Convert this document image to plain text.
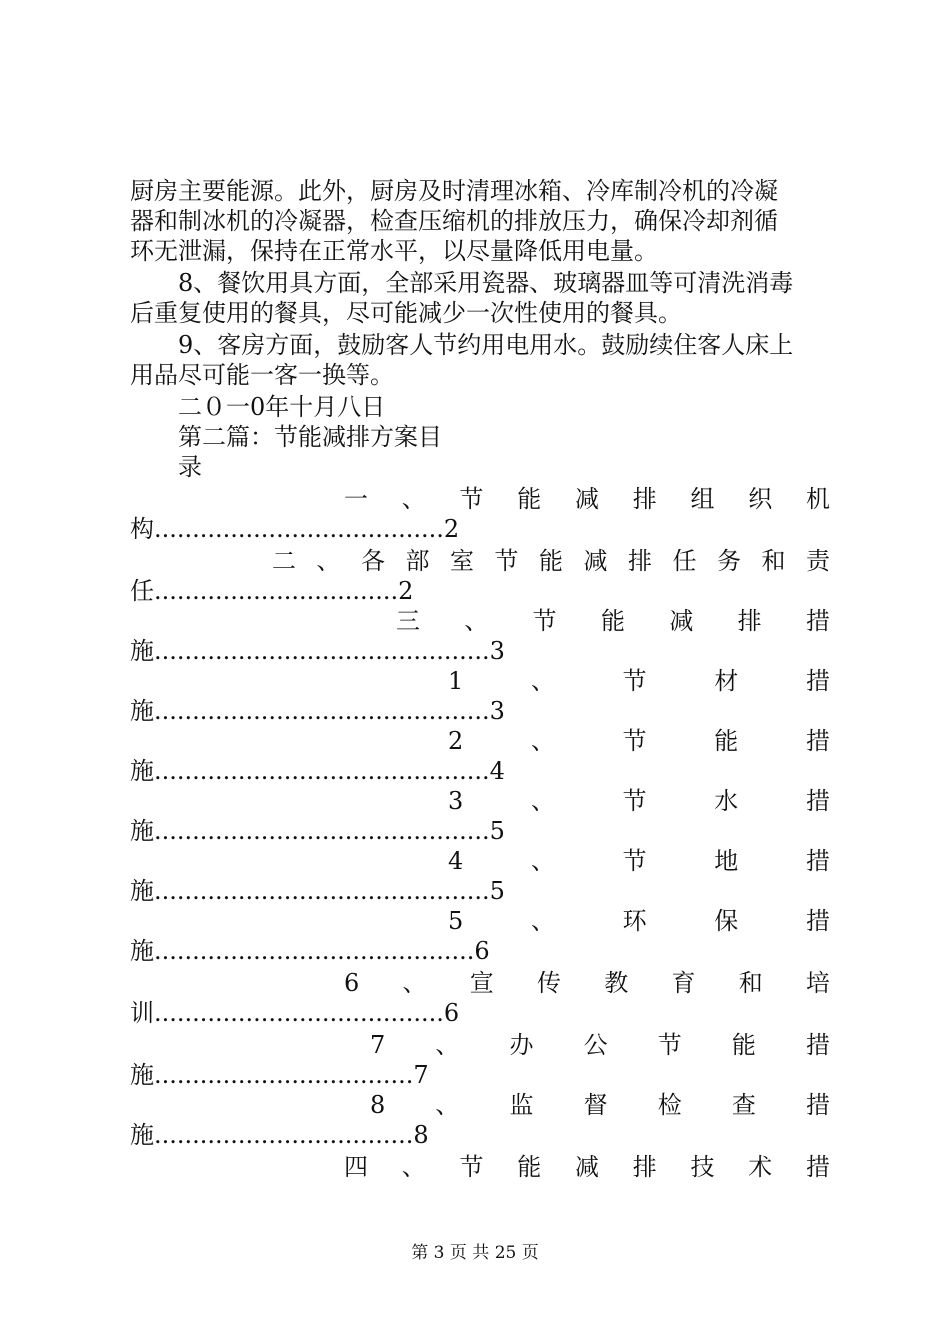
厨房主要能源。此外，厨房及时清理冰箱、冷库制冷机的冷凝
器和制冰机的冷凝器，检查压缩机的排放压力，确保冷却剂循
环无泄漏，保持在正常水平，以尽量降低用电量。
8、餐饮用具方面，全部采用瓷器、玻璃器皿等可清洗消毒
后重复使用的餐具，尽可能减少一次性使用的餐具。
9、客房方面，鼓励客人节约用电用水。鼓励续住客人床上
用品尽可能一客一换等。
二０一0年十月八日
第二篇：节能减排方案目
录
一 、 节 能 减 排 组 织 机
构......................................2
二 、 各 部 室 节 能 减 排 任 务 和 责
任................................2
三 、 节 能 减 排 措
施............................................3
1	、	节	材	措
施............................................3
2	、	节	能	措
施............................................4
3	、	节	水	措
施............................................5
4	、	节	地	措
施............................................5
5	、	环	保	措
施..........................................6
6 、 宣 传 教 育 和 培
训......................................6
7 、 办 公 节 能 措
施..................................7
8 、 监 督 检 查 措
施..................................8
四 、 节 能 减 排 技 术 措
第 3 页 共 25 页
